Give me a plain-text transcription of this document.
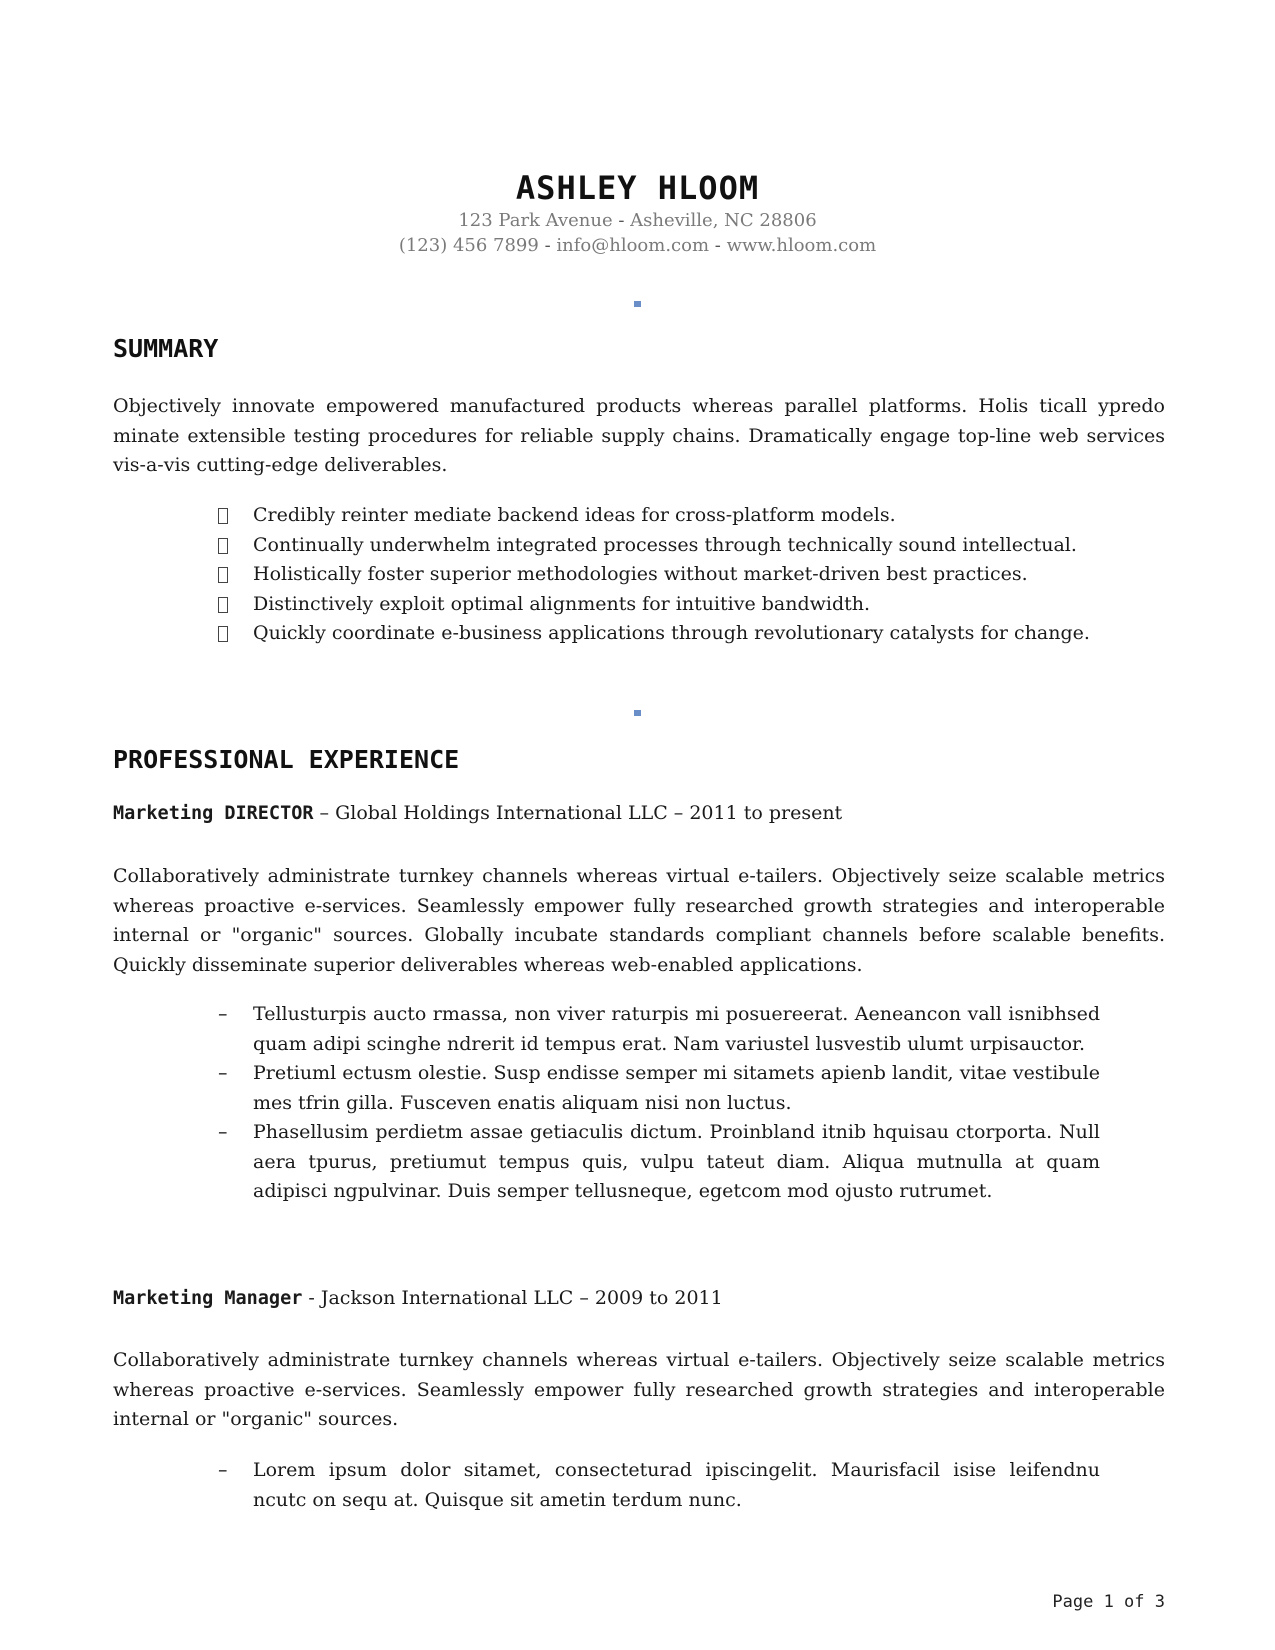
ASHLEY HLOOM
123 Park Avenue - Asheville, NC 28806
(123) 456 7899 - info@hloom.com - www.hloom.com
SUMMARY
Objectively innovate empowered manufactured products whereas parallel platforms. Holis ticall ypredo minate extensible testing procedures for reliable supply chains. Dramatically engage top-line web services vis-a-vis cutting-edge deliverables.
Credibly reinter mediate backend ideas for cross-platform models.
Continually underwhelm integrated processes through technically sound intellectual.
Holistically foster superior methodologies without market-driven best practices.
Distinctively exploit optimal alignments for intuitive bandwidth.
Quickly coordinate e-business applications through revolutionary catalysts for change.
PROFESSIONAL EXPERIENCE
Marketing DIRECTOR – Global Holdings International LLC – 2011 to present
Collaboratively administrate turnkey channels whereas virtual e-tailers. Objectively seize scalable metrics whereas proactive e-services. Seamlessly empower fully researched growth strategies and interoperable internal or "organic" sources. Globally incubate standards compliant channels before scalable benefits. Quickly disseminate superior deliverables whereas web-enabled applications.
– Tellusturpis aucto rmassa, non viver raturpis mi posuereerat. Aeneancon vall isnibhsed quam adipi scinghe ndrerit id tempus erat. Nam variustel lusvestib ulumt urpisauctor.
– Pretiuml ectusm olestie. Susp endisse semper mi sitamets apienb landit, vitae vestibule mes tfrin gilla. Fusceven enatis aliquam nisi non luctus.
– Phasellusim perdietm assae getiaculis dictum. Proinbland itnib hquisau ctorporta. Null aera tpurus, pretiumut tempus quis, vulpu tateut diam. Aliqua mutnulla at quam adipisci ngpulvinar. Duis semper tellusneque, egetcom mod ojusto rutrumet.
Marketing Manager - Jackson International LLC – 2009 to 2011
Collaboratively administrate turnkey channels whereas virtual e-tailers. Objectively seize scalable metrics whereas proactive e-services. Seamlessly empower fully researched growth strategies and interoperable internal or "organic" sources.
– Lorem ipsum dolor sitamet, consecteturad ipiscingelit. Maurisfacil isise leifendnu ncutc on sequ at. Quisque sit ametin terdum nunc.
Page 1 of 3
